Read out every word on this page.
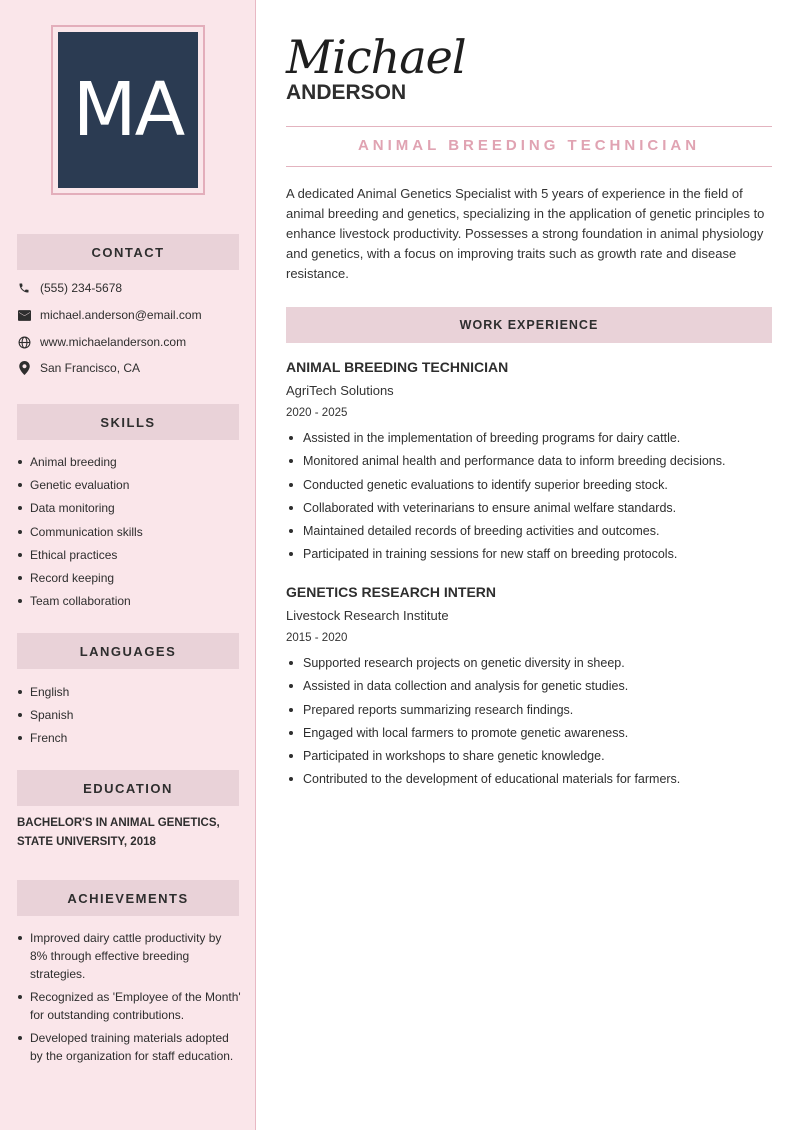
MA
CONTACT
(555) 234-5678
michael.anderson@email.com
www.michaelanderson.com
San Francisco, CA
SKILLS
Animal breeding
Genetic evaluation
Data monitoring
Communication skills
Ethical practices
Record keeping
Team collaboration
LANGUAGES
English
Spanish
French
EDUCATION
BACHELOR'S IN ANIMAL GENETICS,
STATE UNIVERSITY, 2018
ACHIEVEMENTS
Improved dairy cattle productivity by 8% through effective breeding strategies.
Recognized as 'Employee of the Month' for outstanding contributions.
Developed training materials adopted by the organization for staff education.
Michael
ANDERSON
ANIMAL BREEDING TECHNICIAN

A dedicated Animal Genetics Specialist with 5 years of experience in the field of animal breeding and genetics, specializing in the application of genetic principles to enhance livestock productivity. Possesses a strong foundation in animal physiology and genetics, with a focus on improving traits such as growth rate and disease resistance.

WORK EXPERIENCE
ANIMAL BREEDING TECHNICIAN
AgriTech Solutions
2020 - 2025
Assisted in the implementation of breeding programs for dairy cattle.
Monitored animal health and performance data to inform breeding decisions.
Conducted genetic evaluations to identify superior breeding stock.
Collaborated with veterinarians to ensure animal welfare standards.
Maintained detailed records of breeding activities and outcomes.
Participated in training sessions for new staff on breeding protocols.
GENETICS RESEARCH INTERN
Livestock Research Institute
2015 - 2020
Supported research projects on genetic diversity in sheep.
Assisted in data collection and analysis for genetic studies.
Prepared reports summarizing research findings.
Engaged with local farmers to promote genetic awareness.
Participated in workshops to share genetic knowledge.
Contributed to the development of educational materials for farmers.
